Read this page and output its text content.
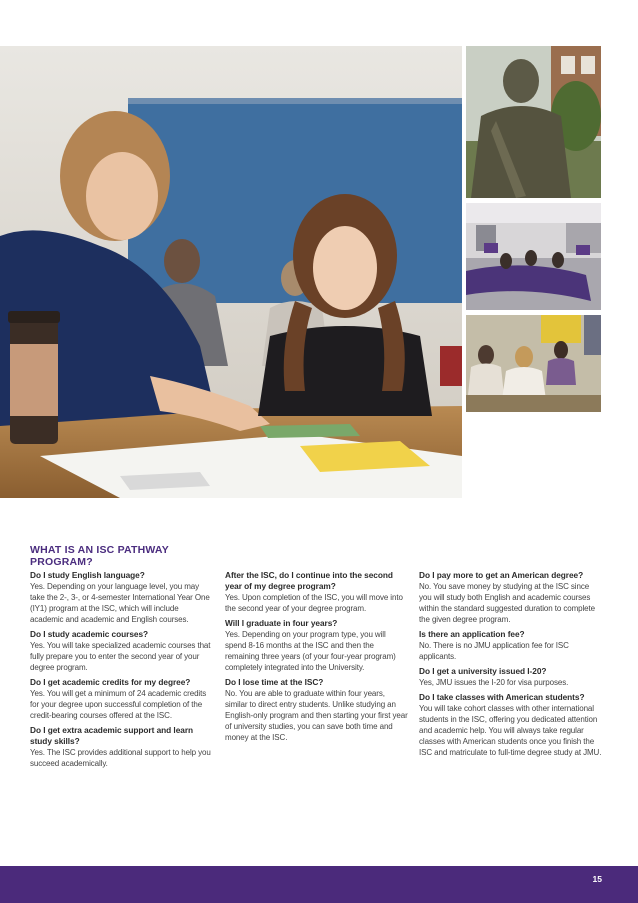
WHAT IS AN ISC PATHWAY PROGRAM?

Do I study English language?

Yes. Depending on your language level, you may take the 2-, 3-, or 4-semester International Year One (IY1) program at the ISC, which will include academic and academic and English courses.

Do I study academic courses?

Yes. You will take specialized academic courses that fully prepare you to enter the second year of your degree program.

Do I get academic credits for my degree?

Yes. You will get a minimum of 24 academic credits for your degree upon successful completion of the credit-bearing courses offered at the ISC.

Do I get extra academic support and learn study skills?

Yes. The ISC provides additional support to help you succeed academically.

After the ISC, do I continue into the second year of my degree program?

Yes. Upon completion of the ISC, you will move into the second year of your degree program.

Will I graduate in four years?

Yes. Depending on your program type, you will spend 8-16 months at the ISC and then the remaining three years (of your four-year program) completely integrated into the University.

Do I lose time at the ISC?

No. You are able to graduate within four years, similar to direct entry students. Unlike studying an English-only program and then starting your first year of university studies, you can save both time and money at the ISC.

Do I pay more to get an American degree?

No. You save money by studying at the ISC since you will study both English and academic courses within the standard suggested duration to complete the given degree program.

Is there an application fee?

No. There is no JMU application fee for ISC applicants.

Do I get a university issued I-20?

Yes, JMU issues the I-20 for visa purposes.

Do I take classes with American students?

You will take cohort classes with other international students in the ISC, offering you dedicated attention and academic help. You will always take regular classes with American students once you finish the ISC and matriculate to full-time degree study at JMU.

15
